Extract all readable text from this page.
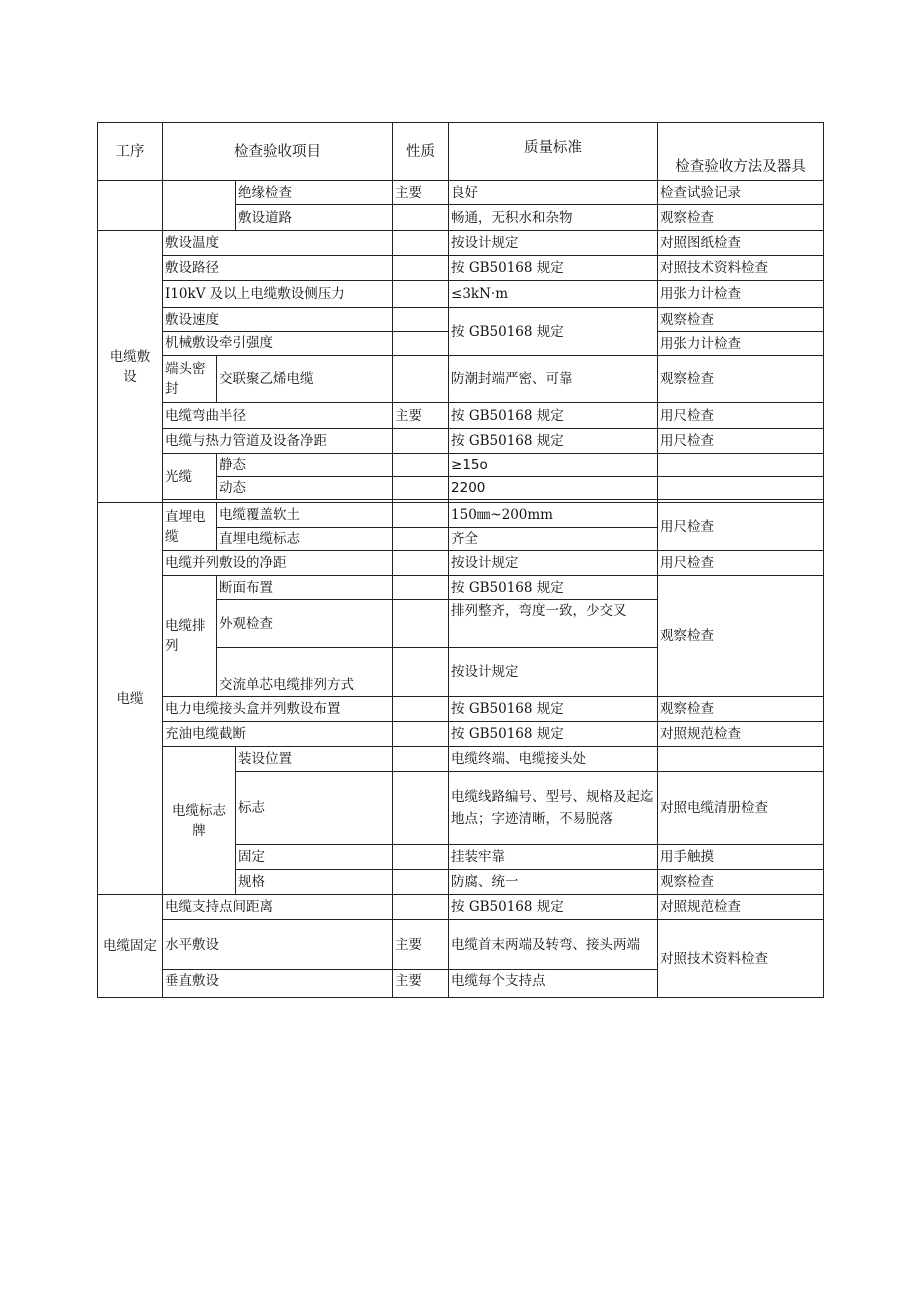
工序	检查验收项目			性质	质量标准	检查验收方法及器具
			绝缘检查	主要	良好	检查试验记录
			敷设道路		畅通，无积水和杂物	观察检查
电缆敷设	敷设温度				按设计规定	对照图纸检查
	敷设路径				按 GB50168 规定	对照技术资料检查
	I10kV 及以上电缆敷设侧压力				≤3kN·m	用张力计检查
	敷设速度				按 GB50168 规定	观察检查
	机械敷设牵引强度					用张力计检查
	端头密封	交联聚乙烯电缆			防潮封端严密、可靠	观察检查
	电缆弯曲半径			主要	按 GB50168 规定	用尺检查
	电缆与热力管道及设备净距				按 GB50168 规定	用尺检查
	光缆	静态			≥15o	
		动态			2200	

电缆	直埋电缆	电缆覆盖软土			150㎜~200mm	用尺检查
		直埋电缆标志			齐全	
	电缆并列敷设的净距				按设计规定	用尺检查
	电缆排列	断面布置			按 GB50168 规定	观察检查
		外观检查			排列整齐，弯度一致，少交叉	
		交流单芯电缆排列方式			按设计规定	
	电力电缆接头盒并列敷设布置				按 GB50168 规定	观察检查
	充油电缆截断				按 GB50168 规定	对照规范检查
	电缆标志牌		装设位置		电缆终端、电缆接头处	
			标志		电缆线路编号、型号、规格及起迄地点；字迹清晰，不易脱落	对照电缆清册检查
			固定		挂装牢靠	用手触摸
			规格		防腐、统一	观察检查
电缆固定	电缆支持点间距离				按 GB50168 规定	对照规范检查
	水平敷设			主要	电缆首末两端及转弯、接头两端	对照技术资料检查
	垂直敷设			主要	电缆每个支持点	
